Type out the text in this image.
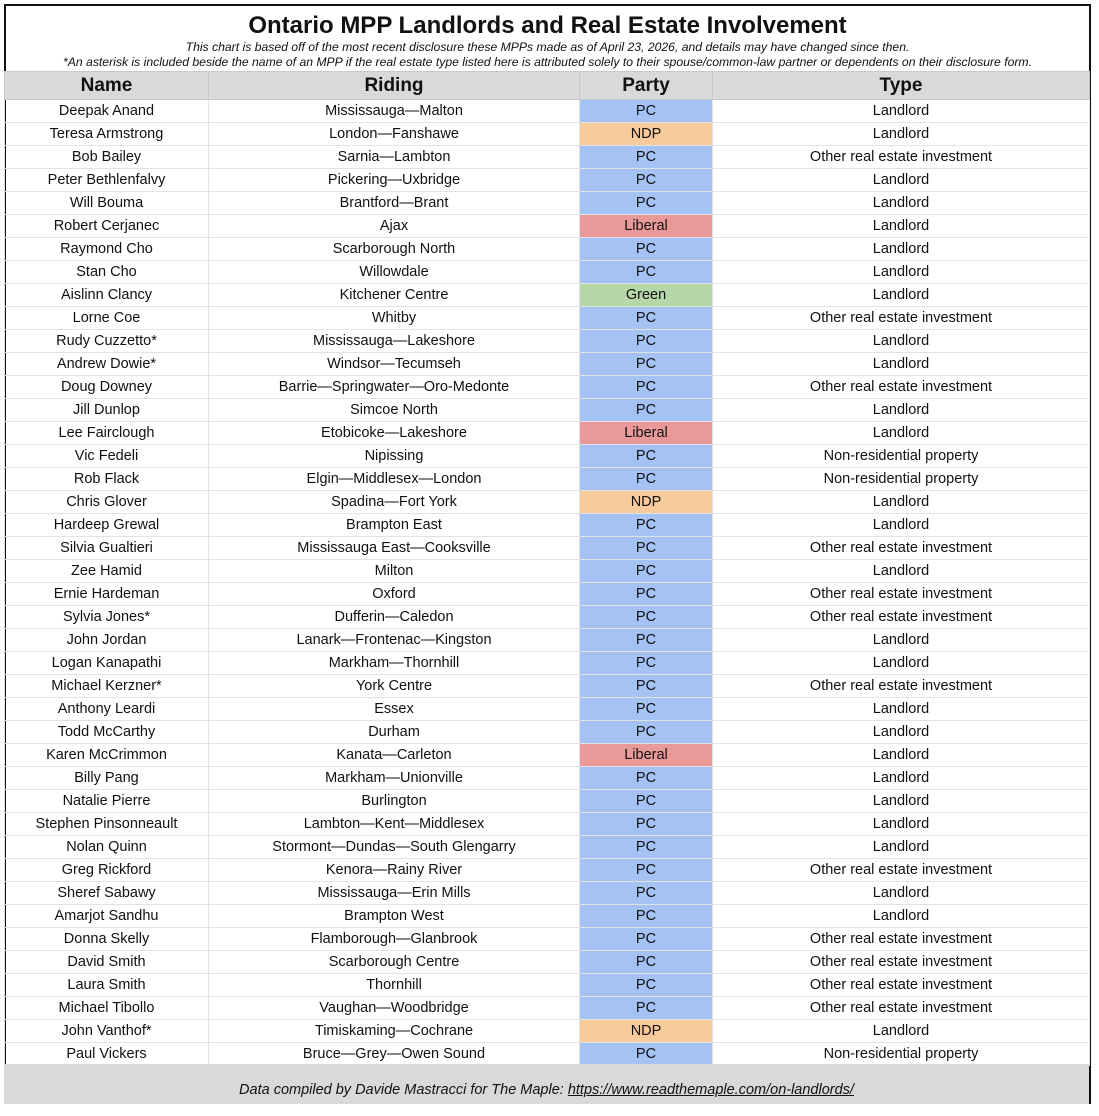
Ontario MPP Landlords and Real Estate Involvement
This chart is based off of the most recent disclosure these MPPs made as of April 23, 2026, and details may have changed since then.
*An asterisk is included beside the name of an MPP if the real estate type listed here is attributed solely to their spouse/common-law partner or dependents on their disclosure form.
Name	Riding	Party	Type
Deepak Anand	Mississauga—Malton	PC	Landlord
Teresa Armstrong	London—Fanshawe	NDP	Landlord
Bob Bailey	Sarnia—Lambton	PC	Other real estate investment
Peter Bethlenfalvy	Pickering—Uxbridge	PC	Landlord
Will Bouma	Brantford—Brant	PC	Landlord
Robert Cerjanec	Ajax	Liberal	Landlord
Raymond Cho	Scarborough North	PC	Landlord
Stan Cho	Willowdale	PC	Landlord
Aislinn Clancy	Kitchener Centre	Green	Landlord
Lorne Coe	Whitby	PC	Other real estate investment
Rudy Cuzzetto*	Mississauga—Lakeshore	PC	Landlord
Andrew Dowie*	Windsor—Tecumseh	PC	Landlord
Doug Downey	Barrie—Springwater—Oro-Medonte	PC	Other real estate investment
Jill Dunlop	Simcoe North	PC	Landlord
Lee Fairclough	Etobicoke—Lakeshore	Liberal	Landlord
Vic Fedeli	Nipissing	PC	Non-residential property
Rob Flack	Elgin—Middlesex—London	PC	Non-residential property
Chris Glover	Spadina—Fort York	NDP	Landlord
Hardeep Grewal	Brampton East	PC	Landlord
Silvia Gualtieri	Mississauga East—Cooksville	PC	Other real estate investment
Zee Hamid	Milton	PC	Landlord
Ernie Hardeman	Oxford	PC	Other real estate investment
Sylvia Jones*	Dufferin—Caledon	PC	Other real estate investment
John Jordan	Lanark—Frontenac—Kingston	PC	Landlord
Logan Kanapathi	Markham—Thornhill	PC	Landlord
Michael Kerzner*	York Centre	PC	Other real estate investment
Anthony Leardi	Essex	PC	Landlord
Todd McCarthy	Durham	PC	Landlord
Karen McCrimmon	Kanata—Carleton	Liberal	Landlord
Billy Pang	Markham—Unionville	PC	Landlord
Natalie Pierre	Burlington	PC	Landlord
Stephen Pinsonneault	Lambton—Kent—Middlesex	PC	Landlord
Nolan Quinn	Stormont—Dundas—South Glengarry	PC	Landlord
Greg Rickford	Kenora—Rainy River	PC	Other real estate investment
Sheref Sabawy	Mississauga—Erin Mills	PC	Landlord
Amarjot Sandhu	Brampton West	PC	Landlord
Donna Skelly	Flamborough—Glanbrook	PC	Other real estate investment
David Smith	Scarborough Centre	PC	Other real estate investment
Laura Smith	Thornhill	PC	Other real estate investment
Michael Tibollo	Vaughan—Woodbridge	PC	Other real estate investment
John Vanthof*	Timiskaming—Cochrane	NDP	Landlord
Paul Vickers	Bruce—Grey—Owen Sound	PC	Non-residential property
Data compiled by Davide Mastracci for The Maple: https://www.readthemaple.com/on-landlords/
